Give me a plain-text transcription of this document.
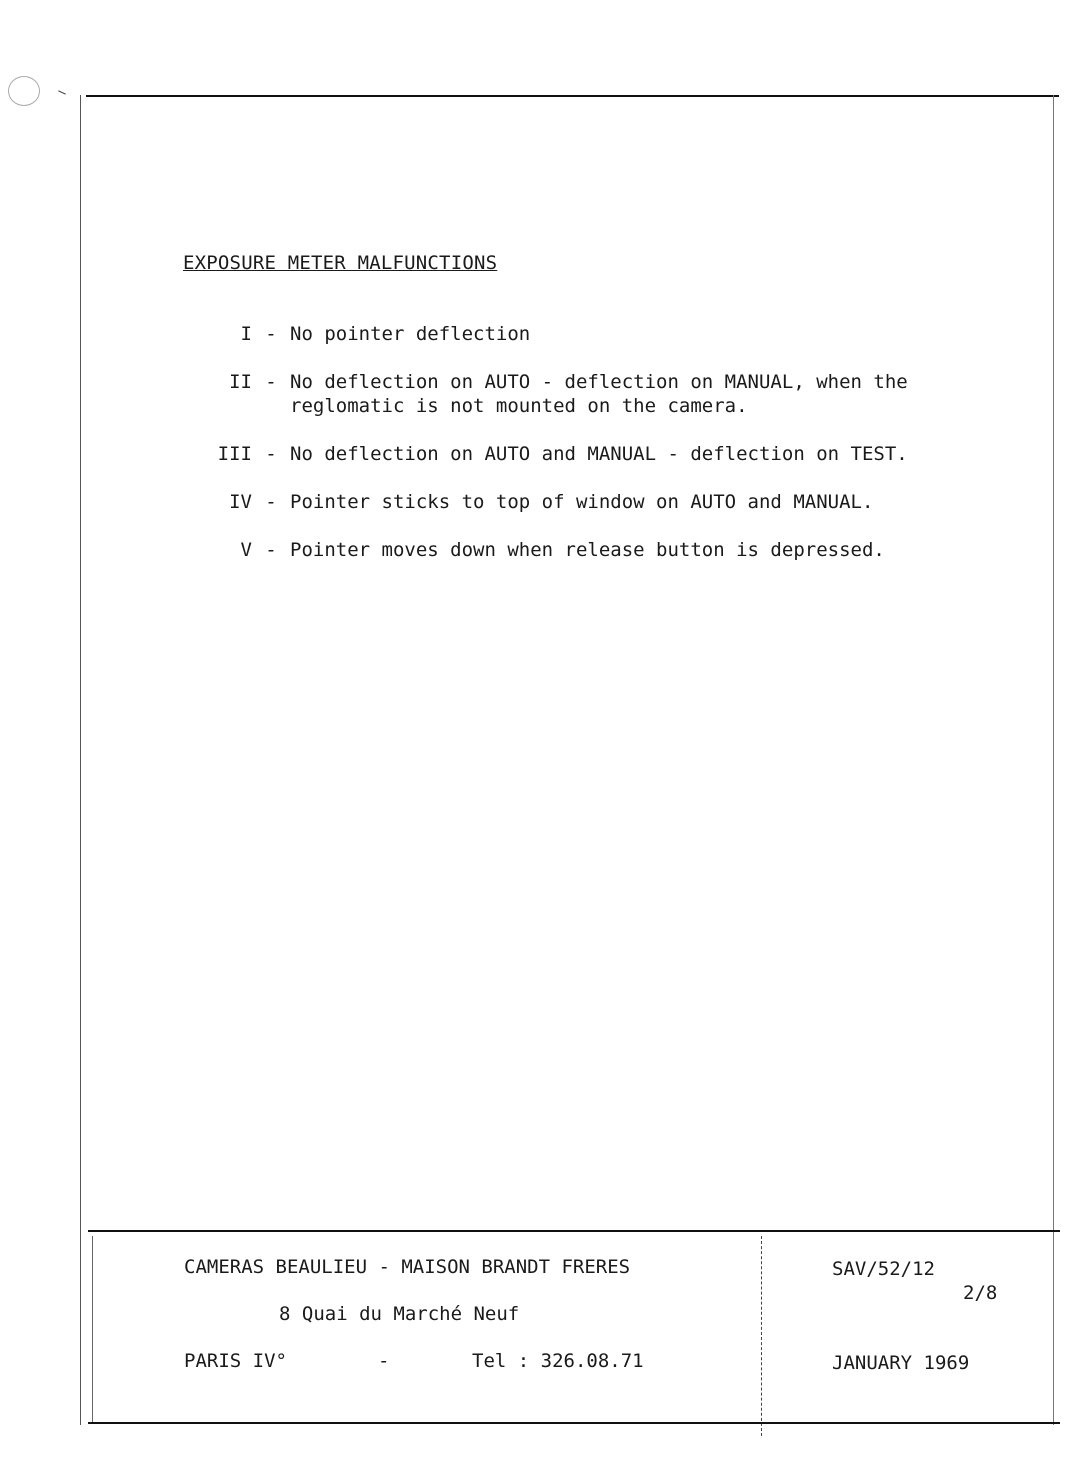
EXPOSURE METER MALFUNCTIONS
I - No pointer deflection
II - No deflection on AUTO - deflection on MANUAL, when the reglomatic is not mounted on the camera.
III - No deflection on AUTO and MANUAL - deflection on TEST.
IV - Pointer sticks to top of window on AUTO and MANUAL.
V - Pointer moves down when release button is depressed.
CAMERAS BEAULIEU - MAISON BRANDT FRERES
8 Quai du Marché Neuf
PARIS IV°	-	Tel : 326.08.71
SAV/52/12
2/8
JANUARY 1969
